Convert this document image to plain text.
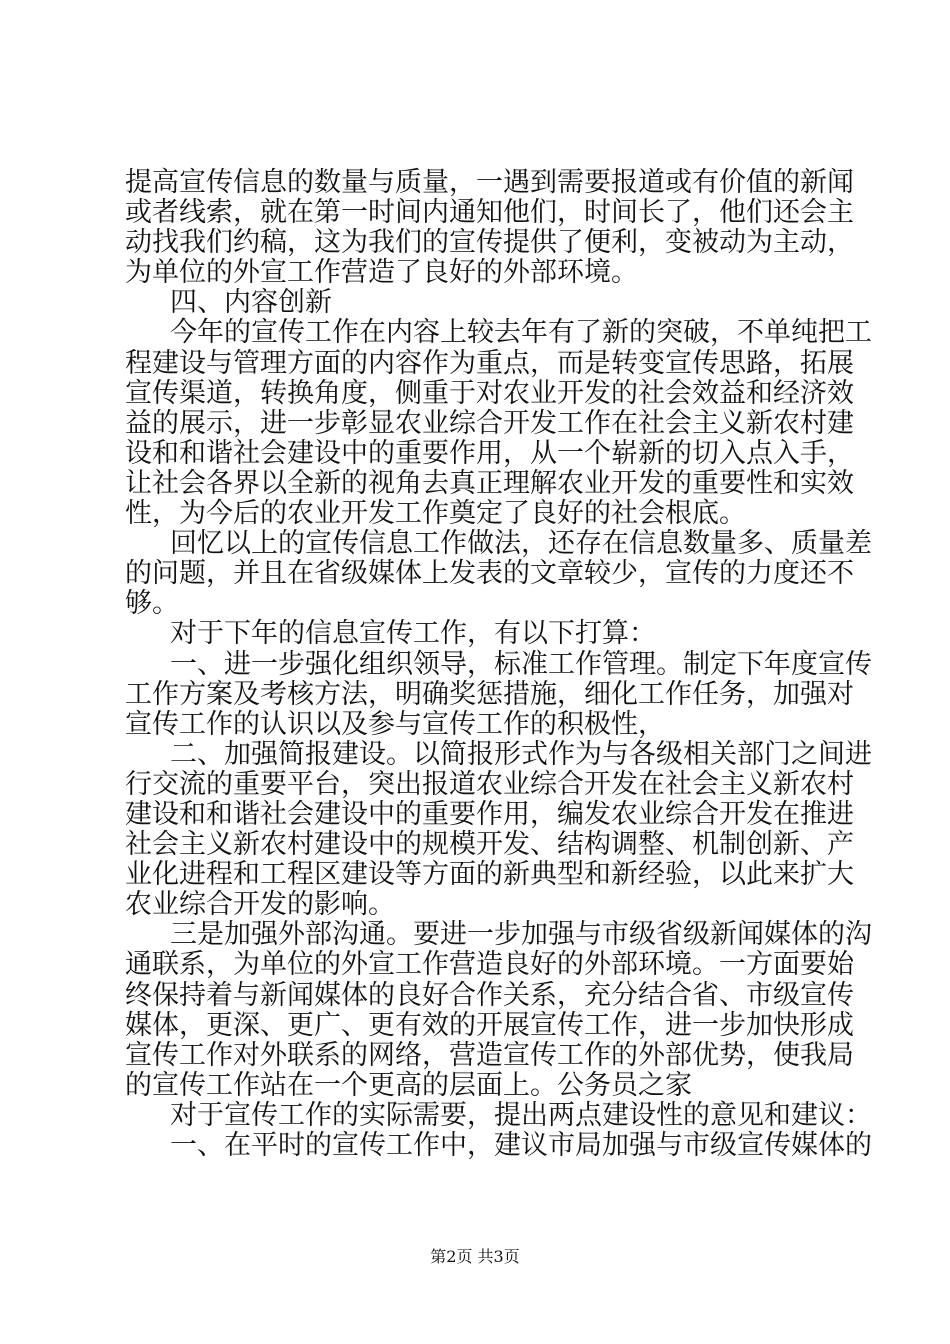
提高宣传信息的数量与质量，一遇到需要报道或有价值的新闻
或者线索，就在第一时间内通知他们，时间长了，他们还会主
动找我们约稿，这为我们的宣传提供了便利，变被动为主动，
为单位的外宣工作营造了良好的外部环境。
四、内容创新
今年的宣传工作在内容上较去年有了新的突破，不单纯把工
程建设与管理方面的内容作为重点，而是转变宣传思路，拓展
宣传渠道，转换角度，侧重于对农业开发的社会效益和经济效
益的展示，进一步彰显农业综合开发工作在社会主义新农村建
设和和谐社会建设中的重要作用，从一个崭新的切入点入手，
让社会各界以全新的视角去真正理解农业开发的重要性和实效
性，为今后的农业开发工作奠定了良好的社会根底。
回忆以上的宣传信息工作做法，还存在信息数量多、质量差
的问题，并且在省级媒体上发表的文章较少，宣传的力度还不
够。
对于下年的信息宣传工作，有以下打算：
一、进一步强化组织领导，标准工作管理。制定下年度宣传
工作方案及考核方法，明确奖惩措施，细化工作任务，加强对
宣传工作的认识以及参与宣传工作的积极性，
二、加强简报建设。以简报形式作为与各级相关部门之间进
行交流的重要平台，突出报道农业综合开发在社会主义新农村
建设和和谐社会建设中的重要作用，编发农业综合开发在推进
社会主义新农村建设中的规模开发、结构调整、机制创新、产
业化进程和工程区建设等方面的新典型和新经验，以此来扩大
农业综合开发的影响。
三是加强外部沟通。要进一步加强与市级省级新闻媒体的沟
通联系，为单位的外宣工作营造良好的外部环境。一方面要始
终保持着与新闻媒体的良好合作关系，充分结合省、市级宣传
媒体，更深、更广、更有效的开展宣传工作，进一步加快形成
宣传工作对外联系的网络，营造宣传工作的外部优势，使我局
的宣传工作站在一个更高的层面上。公务员之家
对于宣传工作的实际需要，提出两点建设性的意见和建议：
一、在平时的宣传工作中，建议市局加强与市级宣传媒体的
第2页 共3页
